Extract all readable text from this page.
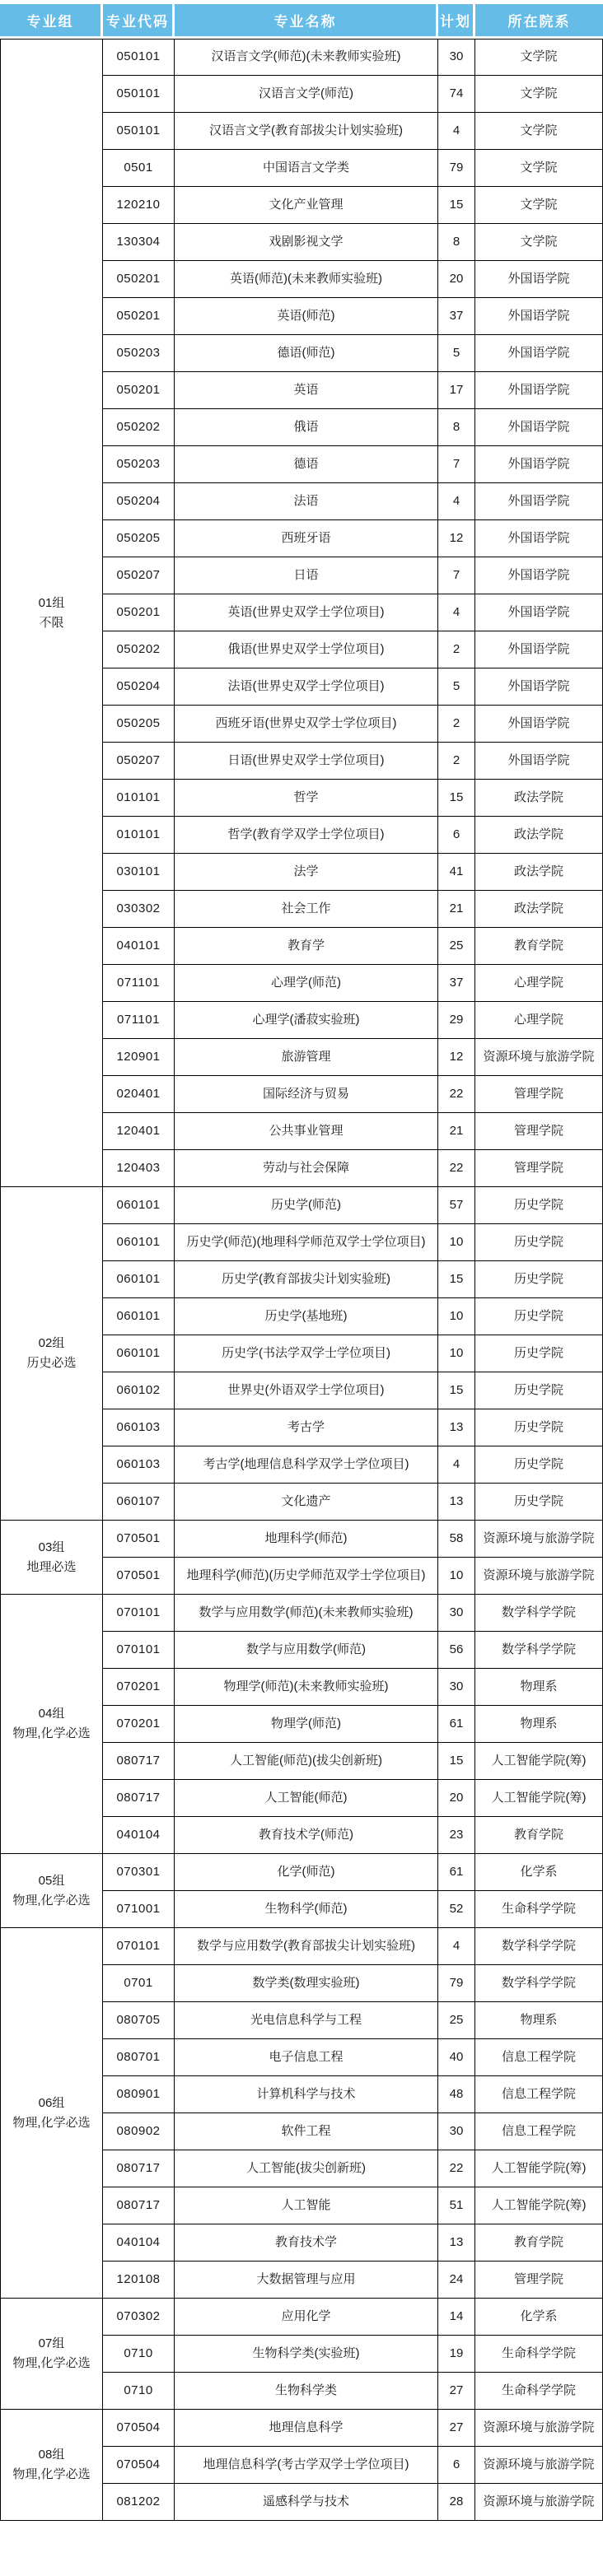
专业组	专业代码	专业名称	计划	所在院系

01组
不限	050101	汉语言文学(师范)(未来教师实验班)	30	文学院
	050101	汉语言文学(师范)	74	文学院
	050101	汉语言文学(教育部拔尖计划实验班)	4	文学院
	0501	中国语言文学类	79	文学院
	120210	文化产业管理	15	文学院
	130304	戏剧影视文学	8	文学院
	050201	英语(师范)(未来教师实验班)	20	外国语学院
	050201	英语(师范)	37	外国语学院
	050203	德语(师范)	5	外国语学院
	050201	英语	17	外国语学院
	050202	俄语	8	外国语学院
	050203	德语	7	外国语学院
	050204	法语	4	外国语学院
	050205	西班牙语	12	外国语学院
	050207	日语	7	外国语学院
	050201	英语(世界史双学士学位项目)	4	外国语学院
	050202	俄语(世界史双学士学位项目)	2	外国语学院
	050204	法语(世界史双学士学位项目)	5	外国语学院
	050205	西班牙语(世界史双学士学位项目)	2	外国语学院
	050207	日语(世界史双学士学位项目)	2	外国语学院
	010101	哲学	15	政法学院
	010101	哲学(教育学双学士学位项目)	6	政法学院
	030101	法学	41	政法学院
	030302	社会工作	21	政法学院
	040101	教育学	25	教育学院
	071101	心理学(师范)	37	心理学院
	071101	心理学(潘菽实验班)	29	心理学院
	120901	旅游管理	12	资源环境与旅游学院
	020401	国际经济与贸易	22	管理学院
	120401	公共事业管理	21	管理学院
	120403	劳动与社会保障	22	管理学院

02组
历史必选	060101	历史学(师范)	57	历史学院
	060101	历史学(师范)(地理科学师范双学士学位项目)	10	历史学院
	060101	历史学(教育部拔尖计划实验班)	15	历史学院
	060101	历史学(基地班)	10	历史学院
	060101	历史学(书法学双学士学位项目)	10	历史学院
	060102	世界史(外语双学士学位项目)	15	历史学院
	060103	考古学	13	历史学院
	060103	考古学(地理信息科学双学士学位项目)	4	历史学院
	060107	文化遗产	13	历史学院

03组
地理必选	070501	地理科学(师范)	58	资源环境与旅游学院
	070501	地理科学(师范)(历史学师范双学士学位项目)	10	资源环境与旅游学院

04组
物理,化学必选	070101	数学与应用数学(师范)(未来教师实验班)	30	数学科学学院
	070101	数学与应用数学(师范)	56	数学科学学院
	070201	物理学(师范)(未来教师实验班)	30	物理系
	070201	物理学(师范)	61	物理系
	080717	人工智能(师范)(拔尖创新班)	15	人工智能学院(筹)
	080717	人工智能(师范)	20	人工智能学院(筹)
	040104	教育技术学(师范)	23	教育学院

05组
物理,化学必选	070301	化学(师范)	61	化学系
	071001	生物科学(师范)	52	生命科学学院

06组
物理,化学必选	070101	数学与应用数学(教育部拔尖计划实验班)	4	数学科学学院
	0701	数学类(数理实验班)	79	数学科学学院
	080705	光电信息科学与工程	25	物理系
	080701	电子信息工程	40	信息工程学院
	080901	计算机科学与技术	48	信息工程学院
	080902	软件工程	30	信息工程学院
	080717	人工智能(拔尖创新班)	22	人工智能学院(筹)
	080717	人工智能	51	人工智能学院(筹)
	040104	教育技术学	13	教育学院
	120108	大数据管理与应用	24	管理学院

07组
物理,化学必选	070302	应用化学	14	化学系
	0710	生物科学类(实验班)	19	生命科学学院
	0710	生物科学类	27	生命科学学院

08组
物理,化学必选	070504	地理信息科学	27	资源环境与旅游学院
	070504	地理信息科学(考古学双学士学位项目)	6	资源环境与旅游学院
	081202	遥感科学与技术	28	资源环境与旅游学院
